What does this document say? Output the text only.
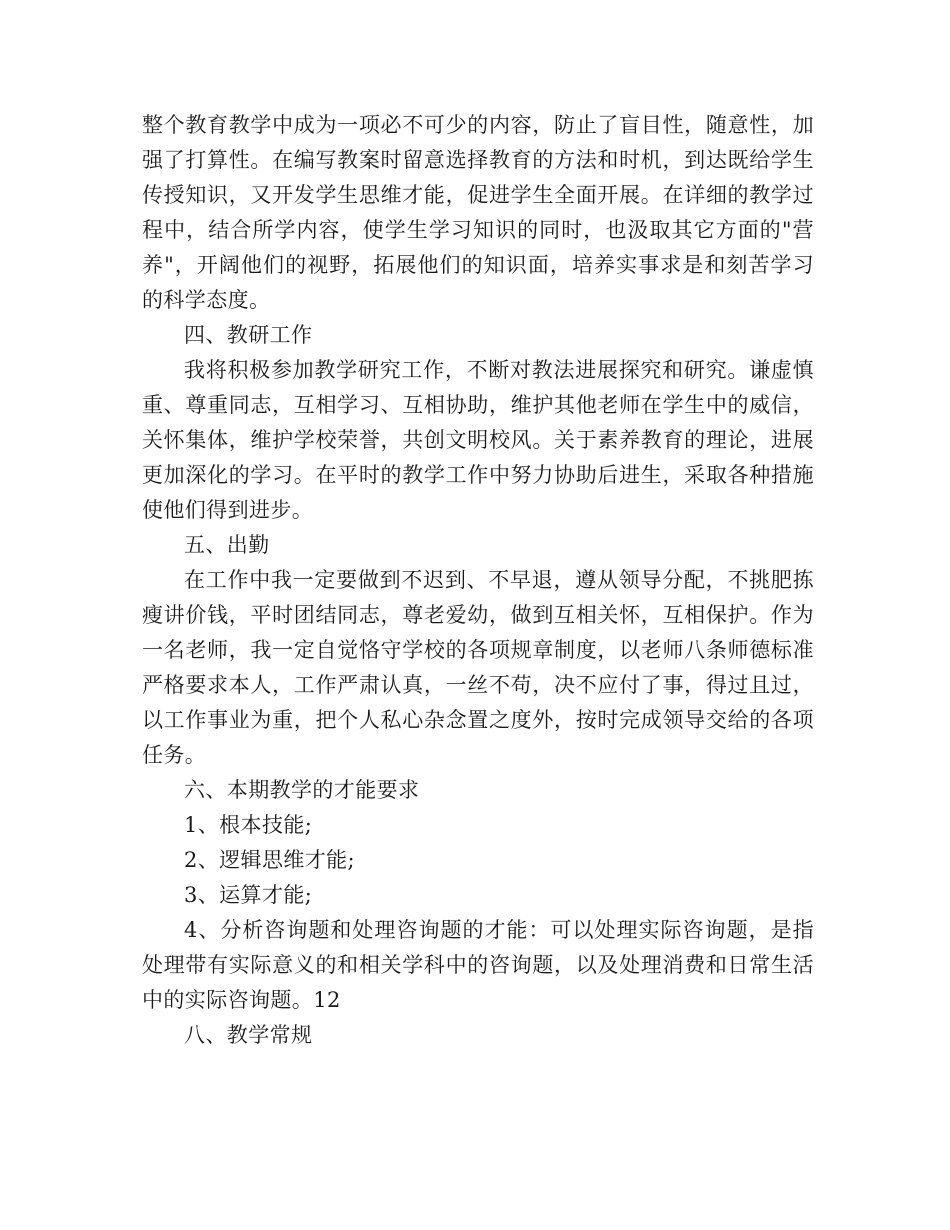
整个教育教学中成为一项必不可少的内容，防止了盲目性，随意性，加强了打算性。在编写教案时留意选择教育的方法和时机，到达既给学生传授知识，又开发学生思维才能，促进学生全面开展。在详细的教学过程中，结合所学内容，使学生学习知识的同时，也汲取其它方面的"营养"，开阔他们的视野，拓展他们的知识面，培养实事求是和刻苦学习的科学态度。

四、教研工作

我将积极参加教学研究工作，不断对教法进展探究和研究。谦虚慎重、尊重同志，互相学习、互相协助，维护其他老师在学生中的威信，关怀集体，维护学校荣誉，共创文明校风。关于素养教育的理论，进展更加深化的学习。在平时的教学工作中努力协助后进生，采取各种措施使他们得到进步。

五、出勤

在工作中我一定要做到不迟到、不早退，遵从领导分配，不挑肥拣瘦讲价钱，平时团结同志，尊老爱幼，做到互相关怀，互相保护。作为一名老师，我一定自觉恪守学校的各项规章制度，以老师八条师德标准严格要求本人，工作严肃认真，一丝不苟，决不应付了事，得过且过，以工作事业为重，把个人私心杂念置之度外，按时完成领导交给的各项任务。

六、本期教学的才能要求

1、根本技能;

2、逻辑思维才能;

3、运算才能;

4、分析咨询题和处理咨询题的才能：可以处理实际咨询题，是指处理带有实际意义的和相关学科中的咨询题，以及处理消费和日常生活中的实际咨询题。12

八、教学常规
